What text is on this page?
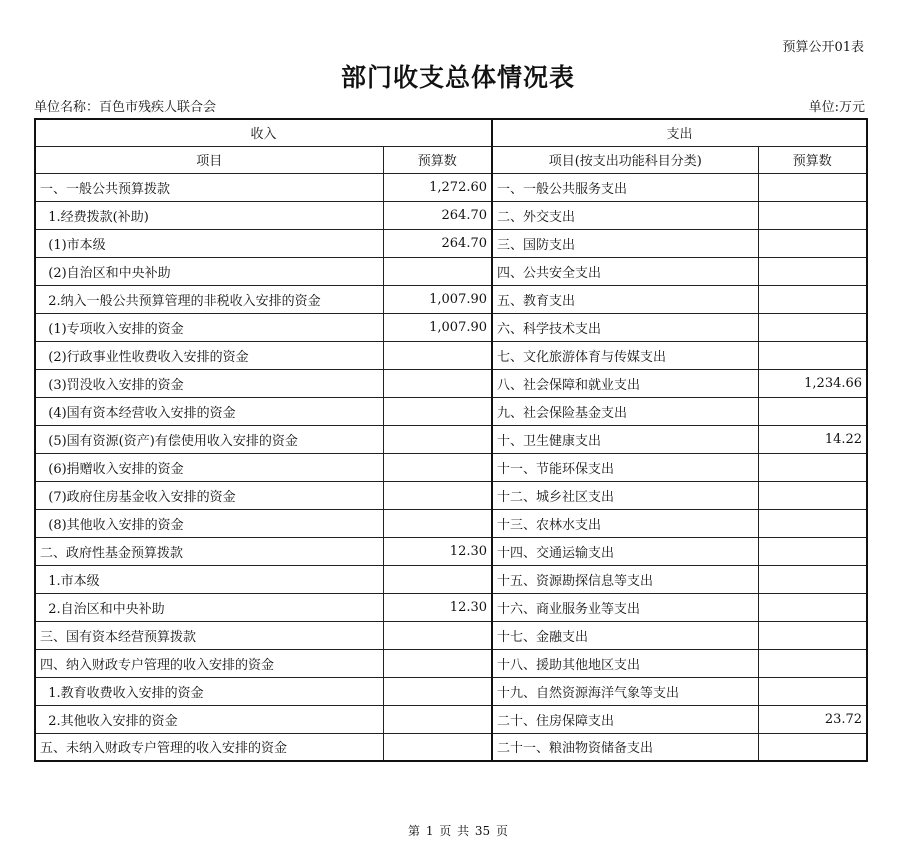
预算公开01表
部门收支总体情况表
单位名称：百色市残疾人联合会	单位:万元
收入		支出	
项目	预算数	项目(按支出功能科目分类)	预算数
一、一般公共预算拨款	1,272.60	一、一般公共服务支出	
1.经费拨款(补助)	264.70	二、外交支出	
(1)市本级	264.70	三、国防支出	
(2)自治区和中央补助		四、公共安全支出	
2.纳入一般公共预算管理的非税收入安排的资金	1,007.90	五、教育支出	
(1)专项收入安排的资金	1,007.90	六、科学技术支出	
(2)行政事业性收费收入安排的资金		七、文化旅游体育与传媒支出	
(3)罚没收入安排的资金		八、社会保障和就业支出	1,234.66
(4)国有资本经营收入安排的资金		九、社会保险基金支出	
(5)国有资源(资产)有偿使用收入安排的资金		十、卫生健康支出	14.22
(6)捐赠收入安排的资金		十一、节能环保支出	
(7)政府住房基金收入安排的资金		十二、城乡社区支出	
(8)其他收入安排的资金		十三、农林水支出	
二、政府性基金预算拨款	12.30	十四、交通运输支出	
1.市本级		十五、资源勘探信息等支出	
2.自治区和中央补助	12.30	十六、商业服务业等支出	
三、国有资本经营预算拨款		十七、金融支出	
四、纳入财政专户管理的收入安排的资金		十八、援助其他地区支出	
1.教育收费收入安排的资金		十九、自然资源海洋气象等支出	
2.其他收入安排的资金		二十、住房保障支出	23.72
五、未纳入财政专户管理的收入安排的资金		二十一、粮油物资储备支出	
第 1 页 共 35 页
